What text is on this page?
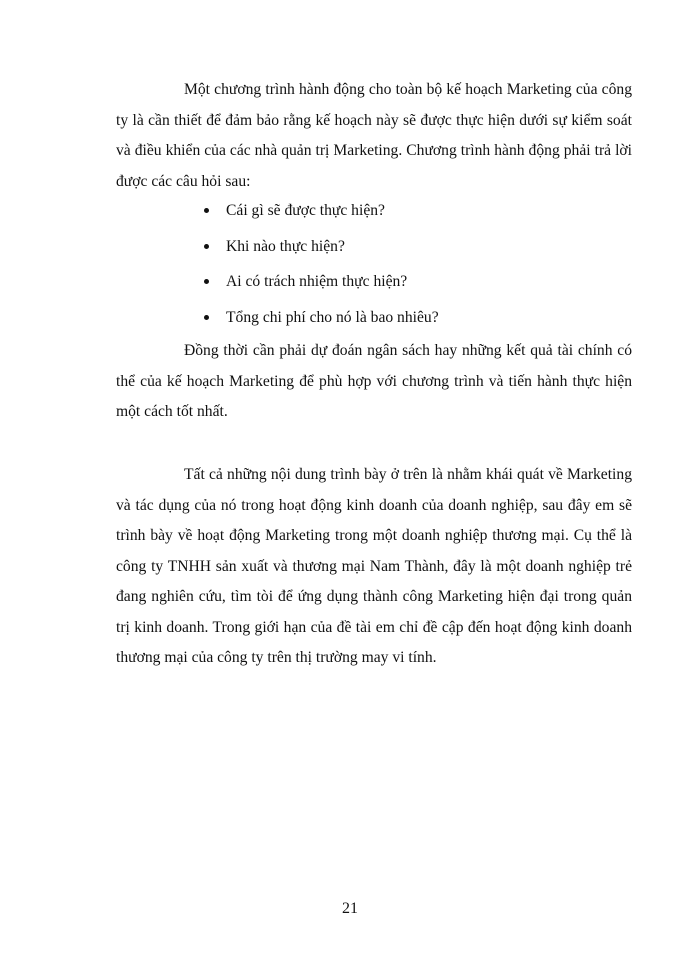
Một chương trình hành động cho toàn bộ kế hoạch Marketing của công ty là cần thiết để đảm bảo rằng kế hoạch này sẽ được thực hiện dưới sự kiểm soát và điều khiển của các nhà quản trị Marketing. Chương trình hành động phải trả lời được các câu hỏi sau:

Cái gì sẽ được thực hiện?
Khi nào thực hiện?
Ai có trách nhiệm thực hiện?
Tổng chi phí cho nó là bao nhiêu?

Đồng thời cần phải dự đoán ngân sách hay những kết quả tài chính có thể của kế hoạch Marketing để phù hợp với chương trình và tiến hành thực hiện một cách tốt nhất.

Tất cả những nội dung trình bày ở trên là nhằm khái quát về Marketing và tác dụng của nó trong hoạt động kinh doanh của doanh nghiệp, sau đây em sẽ trình bày về hoạt động Marketing trong một doanh nghiệp thương mại. Cụ thể là công ty TNHH sản xuất và thương mại Nam Thành, đây là một doanh nghiệp trẻ đang nghiên cứu, tìm tòi để ứng dụng thành công Marketing hiện đại trong quản trị kinh doanh. Trong giới hạn của đề tài em chỉ đề cập đến hoạt động kinh doanh thương mại của công ty trên thị trường may vi tính.

21
